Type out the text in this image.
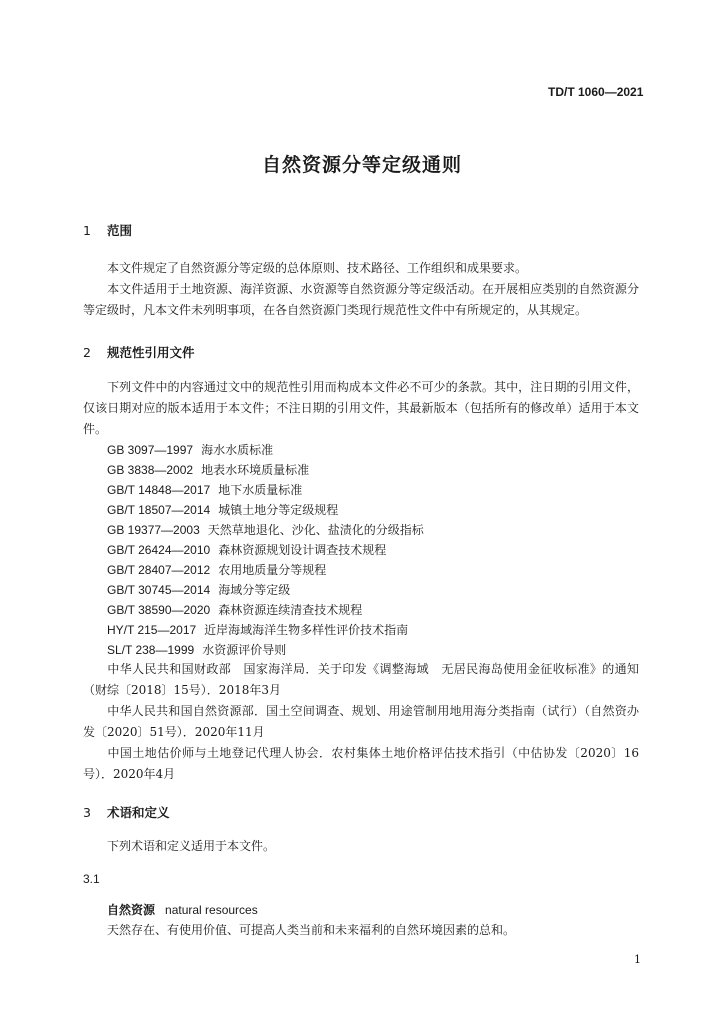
TD/T 1060—2021
自然资源分等定级通则
1 范围
本文件规定了自然资源分等定级的总体原则、技术路径、工作组织和成果要求。
本文件适用于土地资源、海洋资源、水资源等自然资源分等定级活动。在开展相应类别的自然资源分等定级时，凡本文件未列明事项，在各自然资源门类现行规范性文件中有所规定的，从其规定。
2 规范性引用文件
下列文件中的内容通过文中的规范性引用而构成本文件必不可少的条款。其中，注日期的引用文件，仅该日期对应的版本适用于本文件；不注日期的引用文件，其最新版本（包括所有的修改单）适用于本文件。
GB 3097—1997 海水水质标准
GB 3838—2002 地表水环境质量标准
GB/T 14848—2017 地下水质量标准
GB/T 18507—2014 城镇土地分等定级规程
GB 19377—2003 天然草地退化、沙化、盐渍化的分级指标
GB/T 26424—2010 森林资源规划设计调查技术规程
GB/T 28407—2012 农用地质量分等规程
GB/T 30745—2014 海域分等定级
GB/T 38590—2020 森林资源连续清查技术规程
HY/T 215—2017 近岸海域海洋生物多样性评价技术指南
SL/T 238—1999 水资源评价导则
中华人民共和国财政部　国家海洋局．关于印发《调整海域　无居民海岛使用金征收标准》的通知（财综〔2018〕15号）．2018年3月
中华人民共和国自然资源部．国土空间调查、规划、用途管制用地用海分类指南（试行）（自然资办发〔2020〕51号）．2020年11月
中国土地估价师与土地登记代理人协会．农村集体土地价格评估技术指引（中估协发〔2020〕16号）．2020年4月
3 术语和定义
下列术语和定义适用于本文件。
3.1
自然资源 natural resources
天然存在、有使用价值、可提高人类当前和未来福利的自然环境因素的总和。
1
